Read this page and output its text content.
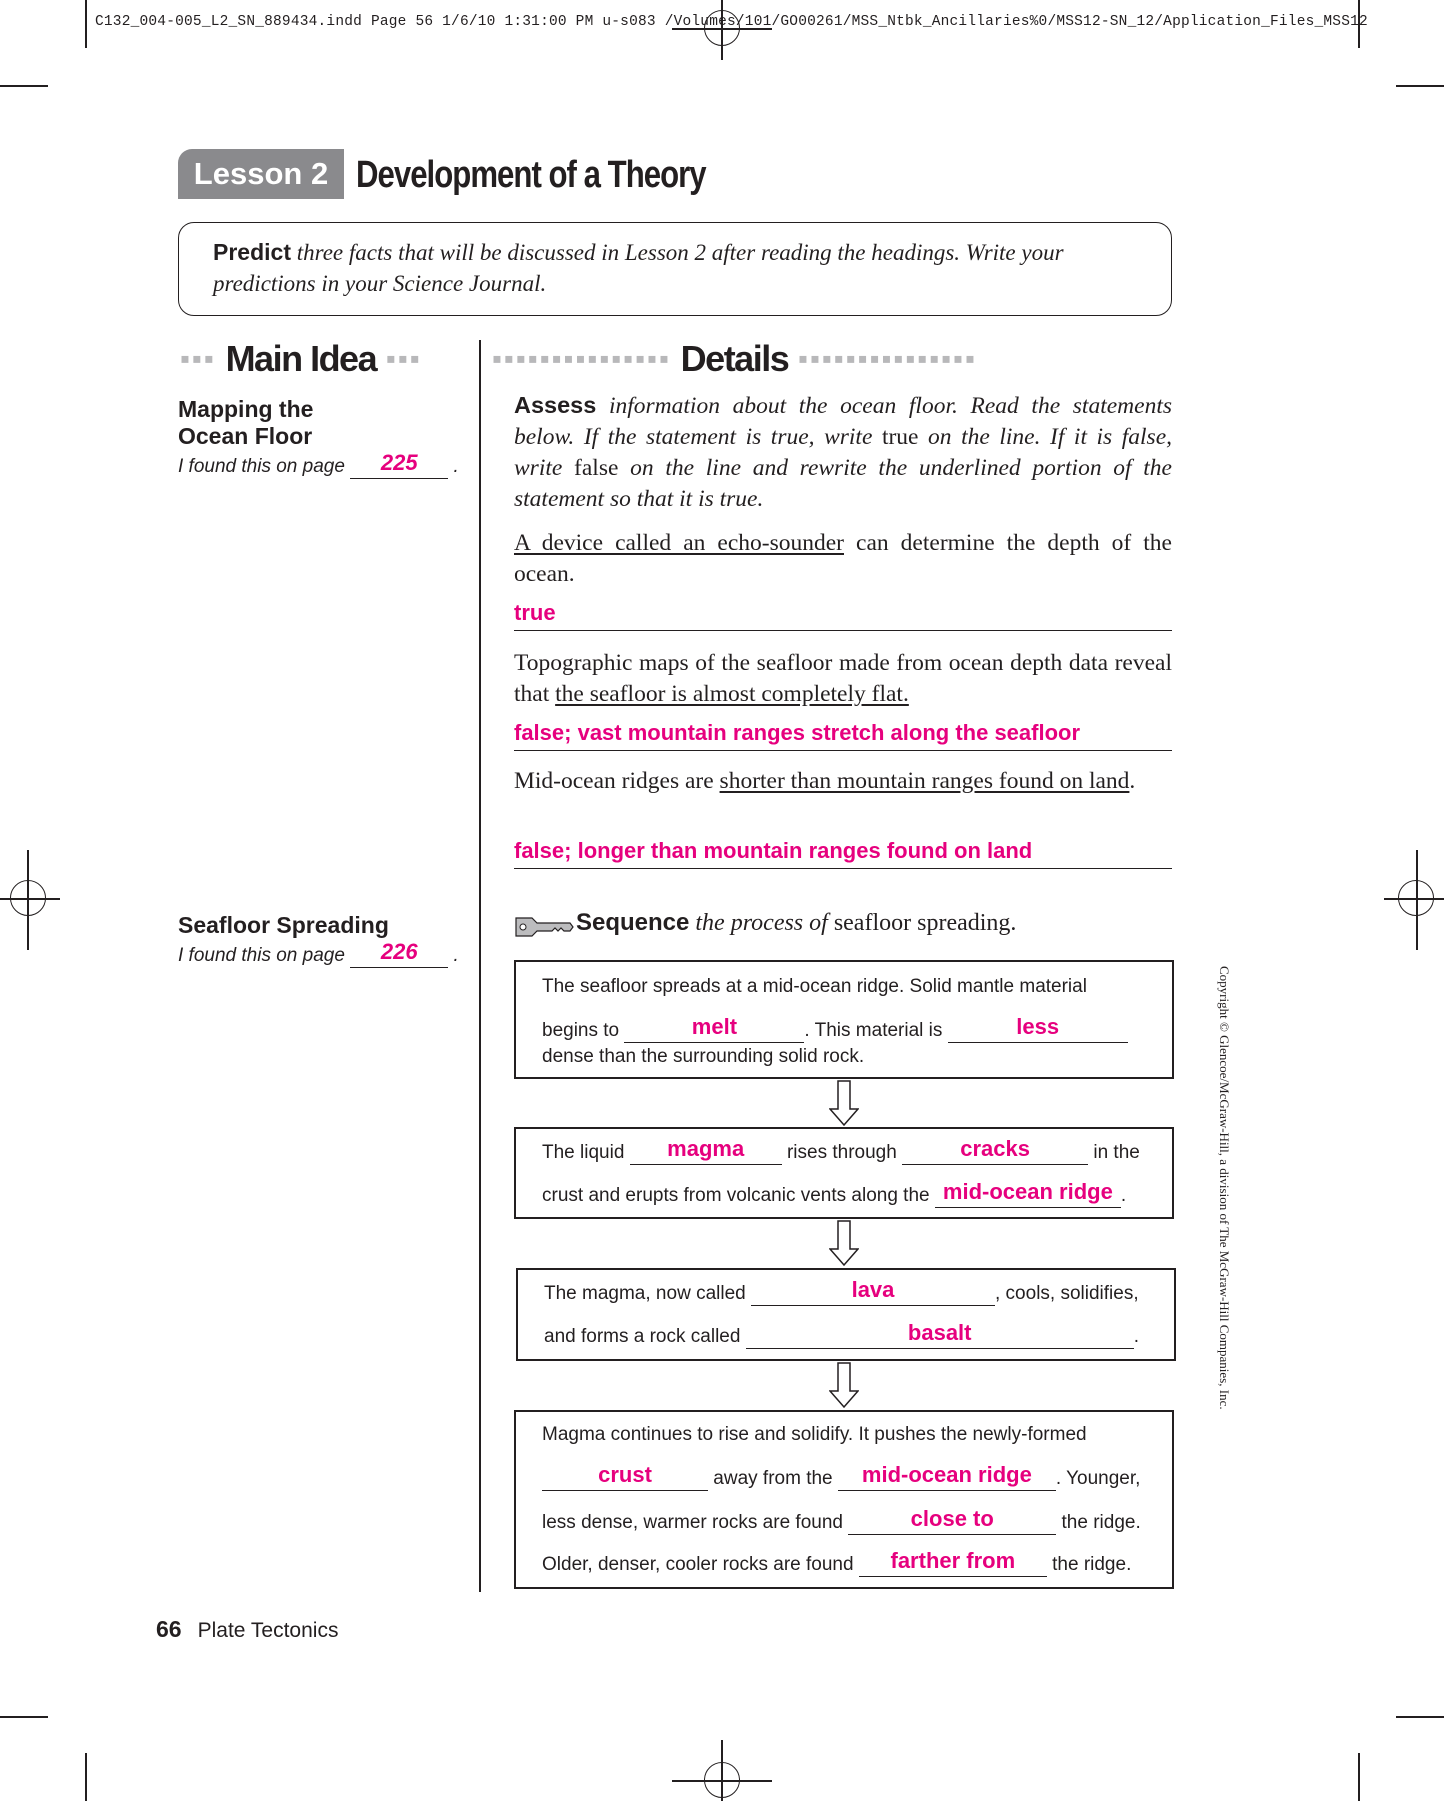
C132_004-005_L2_SN_889434.indd Page 56 1/6/10 1:31:00 PM u-s083 /Volumes/101/GO00261/MSS_Ntbk_Ancillaries%0/MSS12-SN_12/Application_Files_MSS12
Lesson 2 Development of a Theory
Predict three facts that will be discussed in Lesson 2 after reading the headings. Write your predictions in your Science Journal.
▪▪▪ Main Idea ▪▪▪	▪▪▪▪▪▪▪▪▪▪▪▪▪▪▪ Details ▪▪▪▪▪▪▪▪▪▪▪▪▪▪▪
Mapping the
Ocean Floor
I found this on page	225	.
Seafloor Spreading
I found this on page	226	.
Assess information about the ocean floor. Read the statements below. If the statement is true, write true on the line. If it is false, write false on the line and rewrite the underlined portion of the statement so that it is true.
A device called an echo-sounder can determine the depth of the ocean.
true
Topographic maps of the seafloor made from ocean depth data reveal that the seafloor is almost completely flat.
false; vast mountain ranges stretch along the seafloor
Mid-ocean ridges are shorter than mountain ranges found on land.
false; longer than mountain ranges found on land
Sequence the process of seafloor spreading.
The seafloor spreads at a mid-ocean ridge. Solid mantle material
begins to	melt	. This material is	less

dense than the surrounding solid rock.
The liquid	magma	rises through	cracks	in the
crust and erupts from volcanic vents along the mid-ocean ridge .
The magma, now called	lava	, cools, solidifies,
and forms a rock called	basalt	.
Magma continues to rise and solidify. It pushes the newly-formed
crust	away from the	mid-ocean ridge	. Younger,
less dense, warmer rocks are found	close to	the ridge.
Older, denser, cooler rocks are found	farther from	the ridge.
Copyright © Glencoe/McGraw-Hill, a division of The McGraw-Hill Companies, Inc.
66 Plate Tectonics
